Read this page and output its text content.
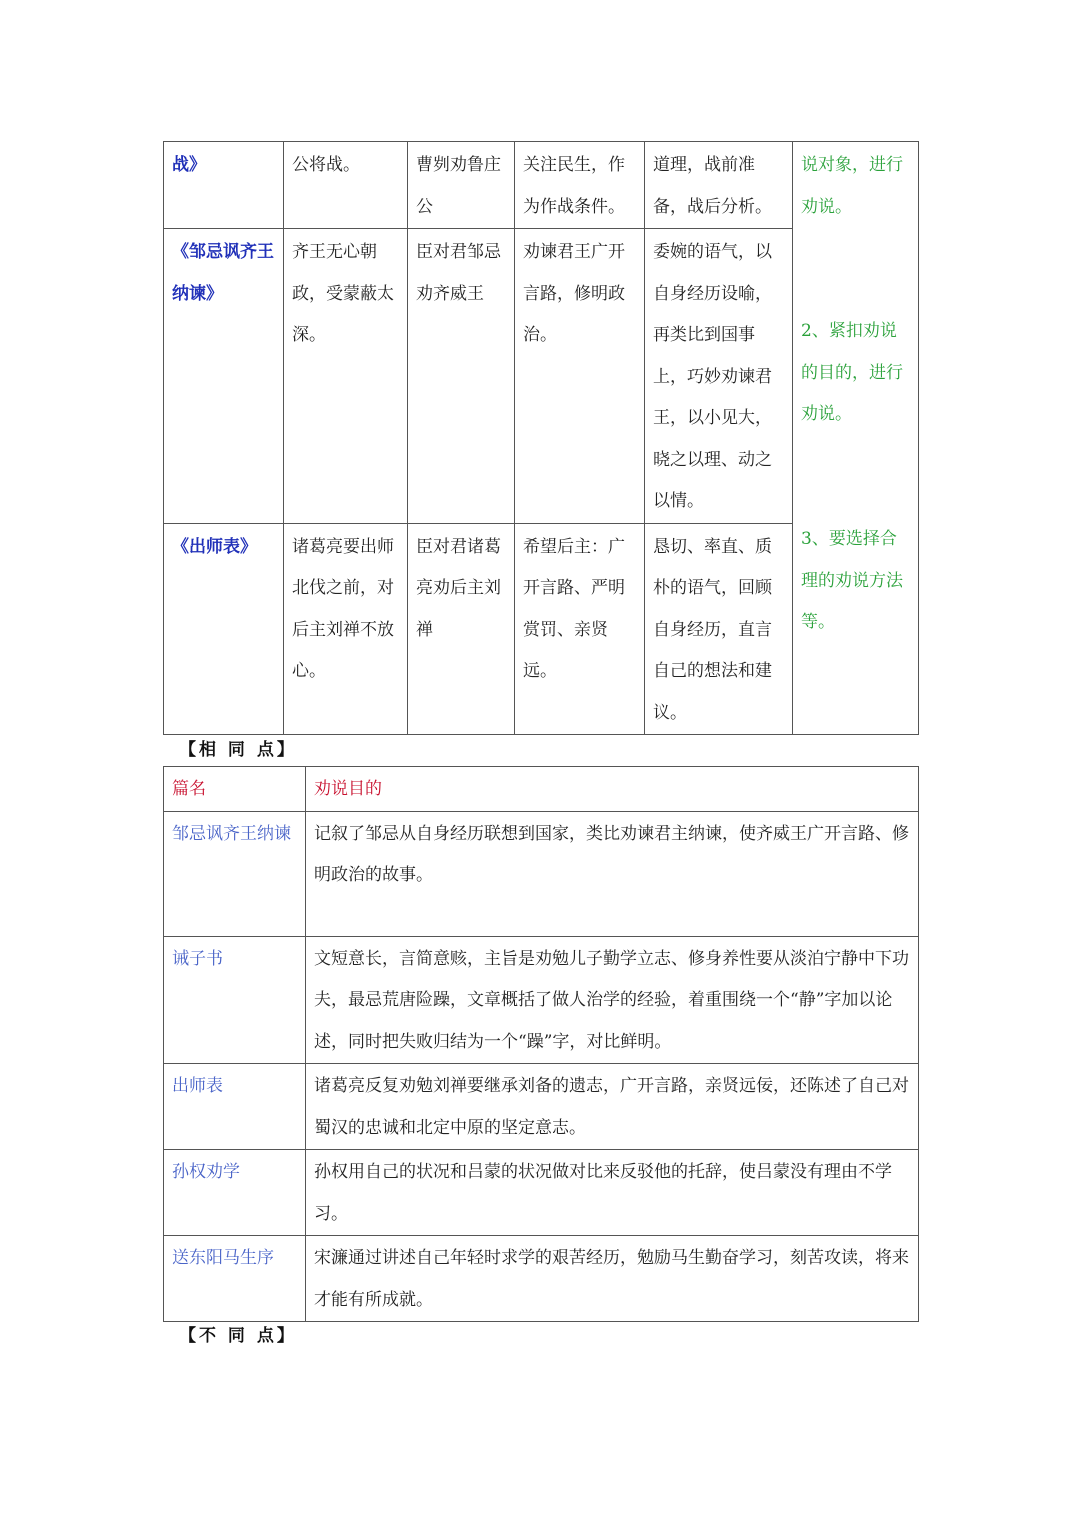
战》	公将战。	曹刿劝鲁庄公	关注民生，作为作战条件。	道理，战前准备，战后分析。	说对象，进行劝说。
2、紧扣劝说的目的，进行劝说。
3、要选择合理的劝说方法等。

《邹忌讽齐王纳谏》	齐王无心朝政，受蒙蔽太深。	臣对君邹忌劝齐威王	劝谏君王广开言路，修明政治。	委婉的语气，以自身经历设喻，再类比到国事上，巧妙劝谏君王，以小见大，晓之以理、动之以情。	
《出师表》	诸葛亮要出师北伐之前，对后主刘禅不放心。	臣对君诸葛亮劝后主刘禅	希望后主：广开言路、严明赏罚、亲贤远。	恳切、率直、质朴的语气，回顾自身经历，直言自己的想法和建议。	
【相 同 点】
篇名	劝说目的
邹忌讽齐王纳谏	记叙了邹忌从自身经历联想到国家，类比劝谏君主纳谏，使齐威王广开言路、修明政治的故事。
诫子书	文短意长，言简意赅，主旨是劝勉儿子勤学立志、修身养性要从淡泊宁静中下功夫，最忌荒唐险躁，文章概括了做人治学的经验，着重围绕一个“静”字加以论述，同时把失败归结为一个“躁”字，对比鲜明。
出师表	诸葛亮反复劝勉刘禅要继承刘备的遗志，广开言路，亲贤远佞，还陈述了自己对蜀汉的忠诚和北定中原的坚定意志。
孙权劝学	孙权用自己的状况和吕蒙的状况做对比来反驳他的托辞，使吕蒙没有理由不学习。
送东阳马生序	宋濂通过讲述自己年轻时求学的艰苦经历，勉励马生勤奋学习，刻苦攻读，将来才能有所成就。
【不 同 点】
